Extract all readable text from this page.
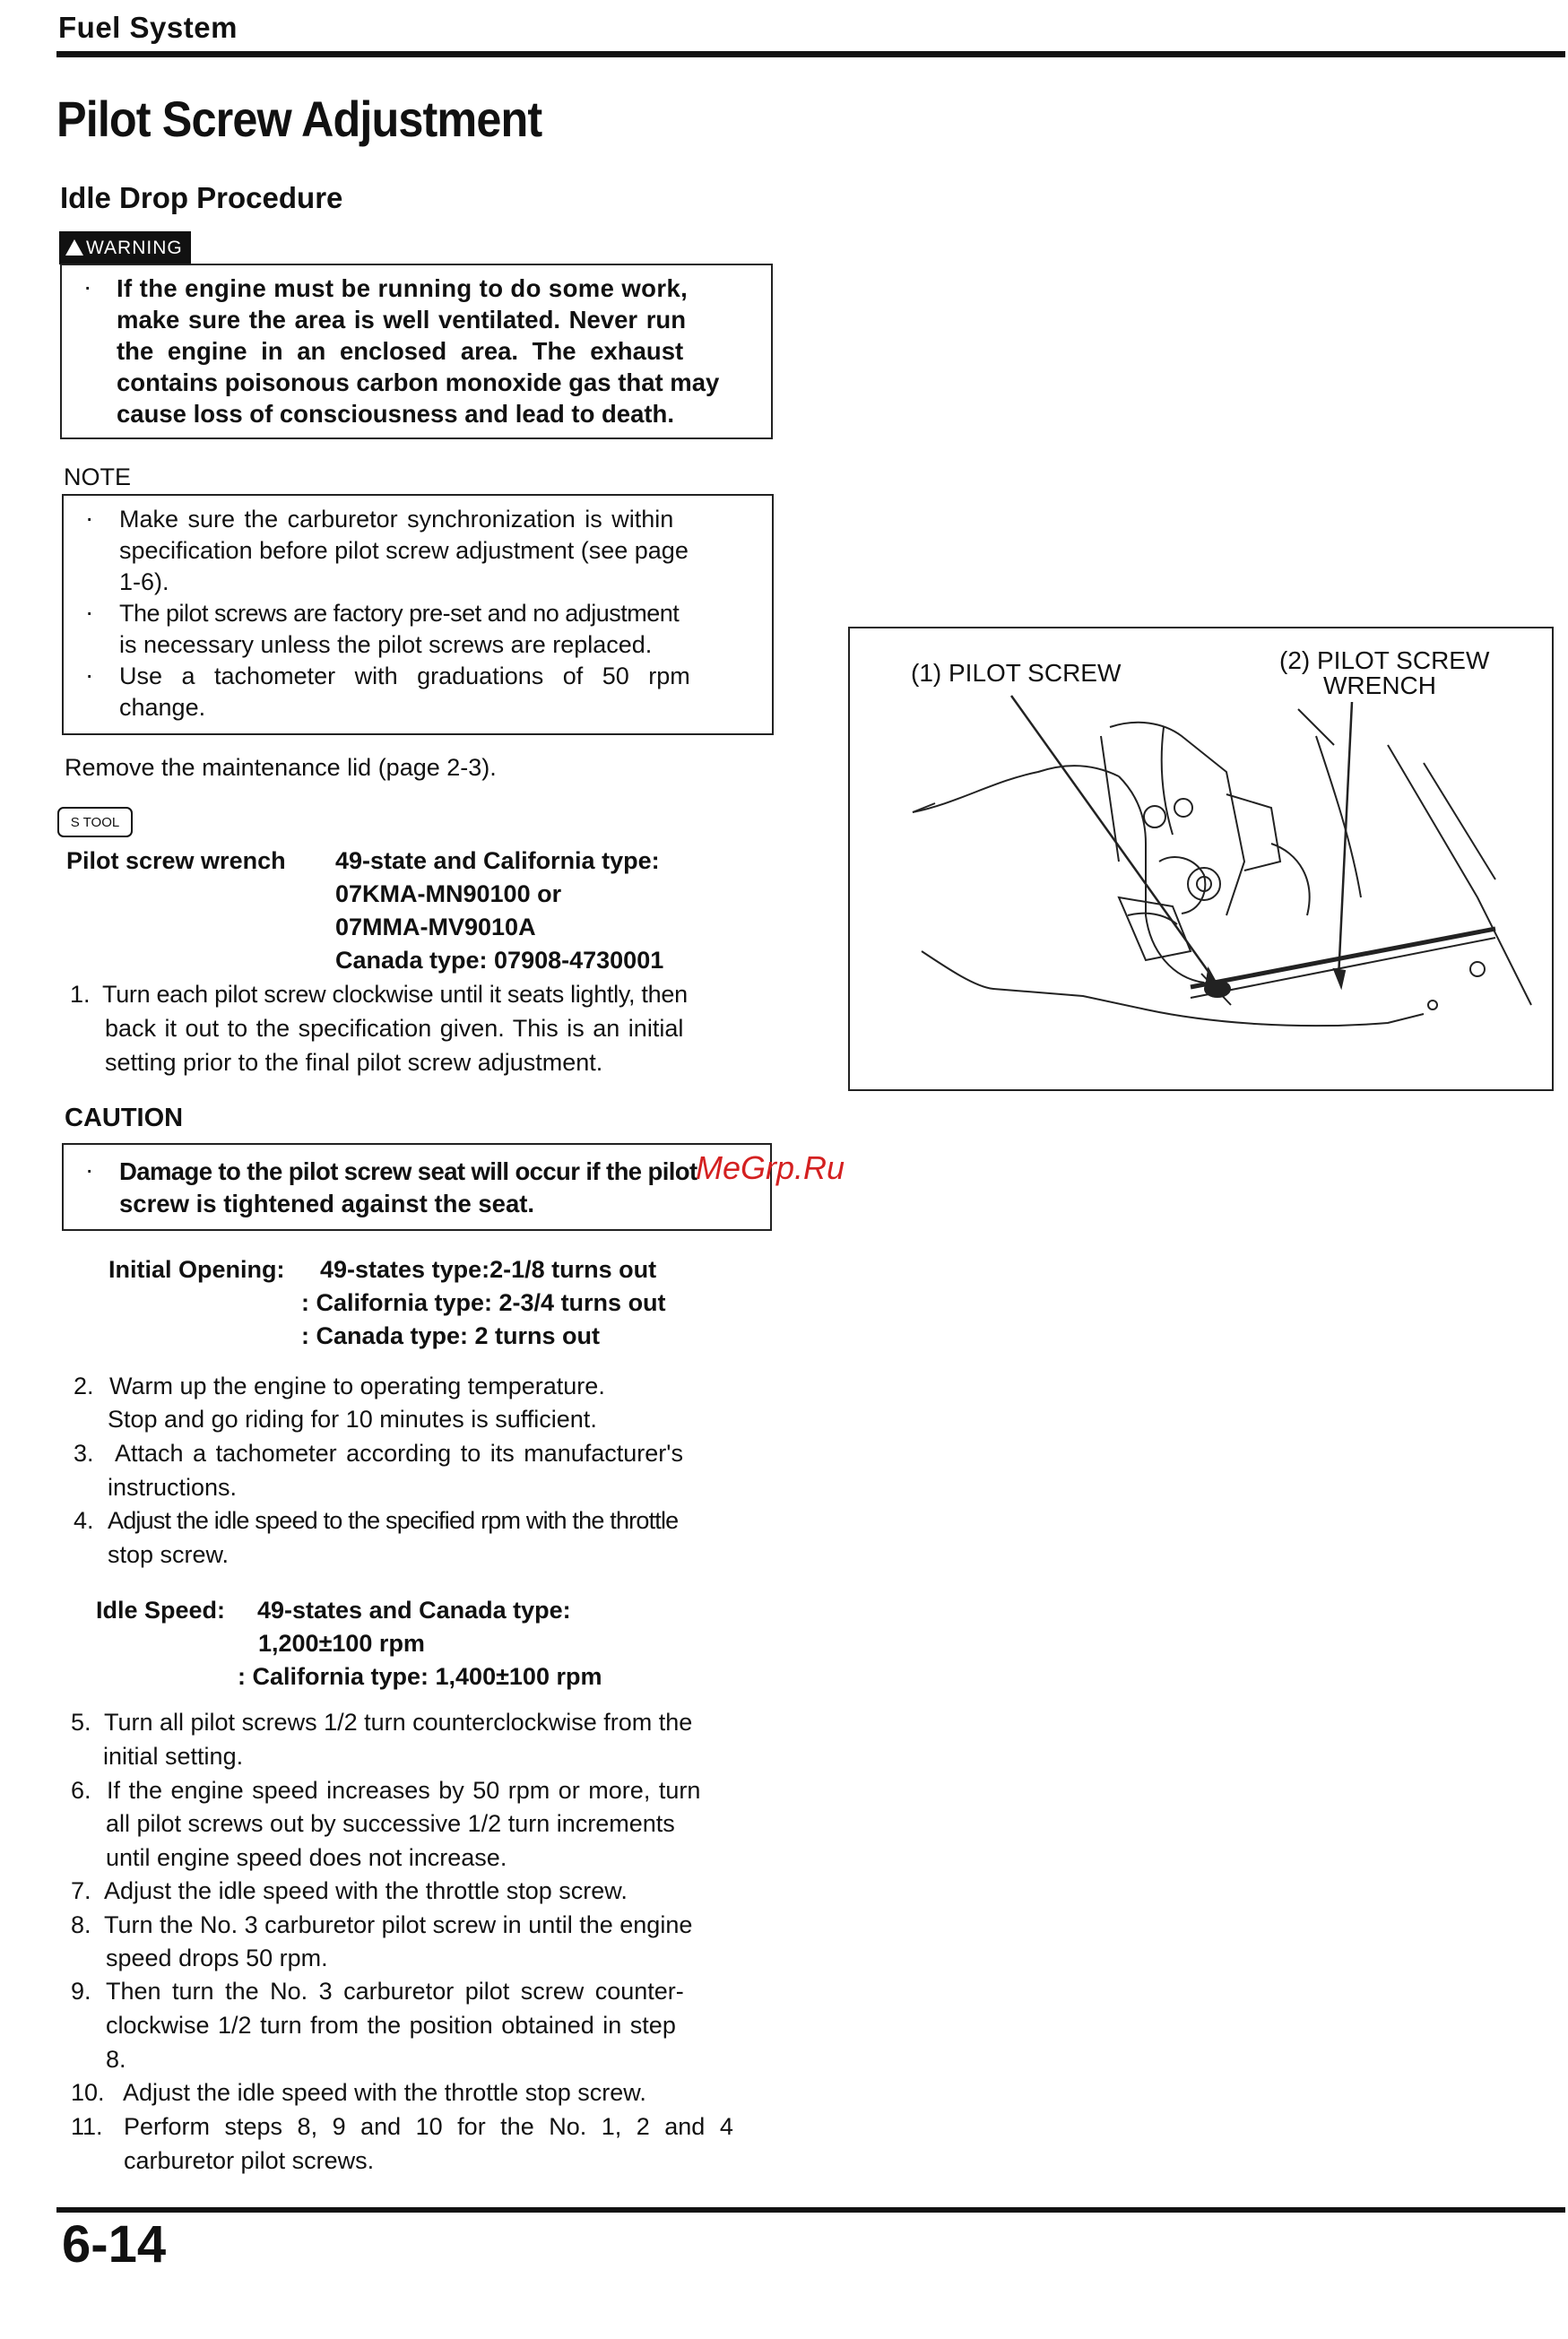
Fuel System
Pilot Screw Adjustment
Idle Drop Procedure
WARNING
· If the engine must be running to do some work,
make sure the area is well ventilated. Never run
the engine in an enclosed area. The exhaust
contains poisonous carbon monoxide gas that may
cause loss of consciousness and lead to death.
NOTE
· Make sure the carburetor synchronization is within
specification before pilot screw adjustment (see page
1-6).
· The pilot screws are factory pre-set and no adjustment
is necessary unless the pilot screws are replaced.
· Use a tachometer with graduations of 50 rpm
change.
Remove the maintenance lid (page 2-3).
S TOOL
Pilot screw wrench 49-state and California type:
07KMA-MN90100 or
07MMA-MV9010A
Canada type: 07908-4730001
1. Turn each pilot screw clockwise until it seats lightly, then
back it out to the specification given. This is an initial
setting prior to the final pilot screw adjustment.
CAUTION
· Damage to the pilot screw seat will occur if the pilot
screw is tightened against the seat.
Initial Opening: 49-states type:2-1/8 turns out
: California type: 2-3/4 turns out
: Canada type: 2 turns out
2. Warm up the engine to operating temperature.
Stop and go riding for 10 minutes is sufficient.
3. Attach a tachometer according to its manufacturer's
instructions.
4. Adjust the idle speed to the specified rpm with the throttle
stop screw.
Idle Speed: 49-states and Canada type:
1,200±100 rpm
: California type: 1,400±100 rpm
5. Turn all pilot screws 1/2 turn counterclockwise from the
initial setting.
6. If the engine speed increases by 50 rpm or more, turn
all pilot screws out by successive 1/2 turn increments
until engine speed does not increase.
7. Adjust the idle speed with the throttle stop screw.
8. Turn the No. 3 carburetor pilot screw in until the engine
speed drops 50 rpm.
9. Then turn the No. 3 carburetor pilot screw counter-
clockwise 1/2 turn from the position obtained in step
8.
10. Adjust the idle speed with the throttle stop screw.
11. Perform steps 8, 9 and 10 for the No. 1, 2 and 4
carburetor pilot screws.
MeGrp.Ru
(1) PILOT SCREW	(2) PILOT SCREW
WRENCH
6-14
